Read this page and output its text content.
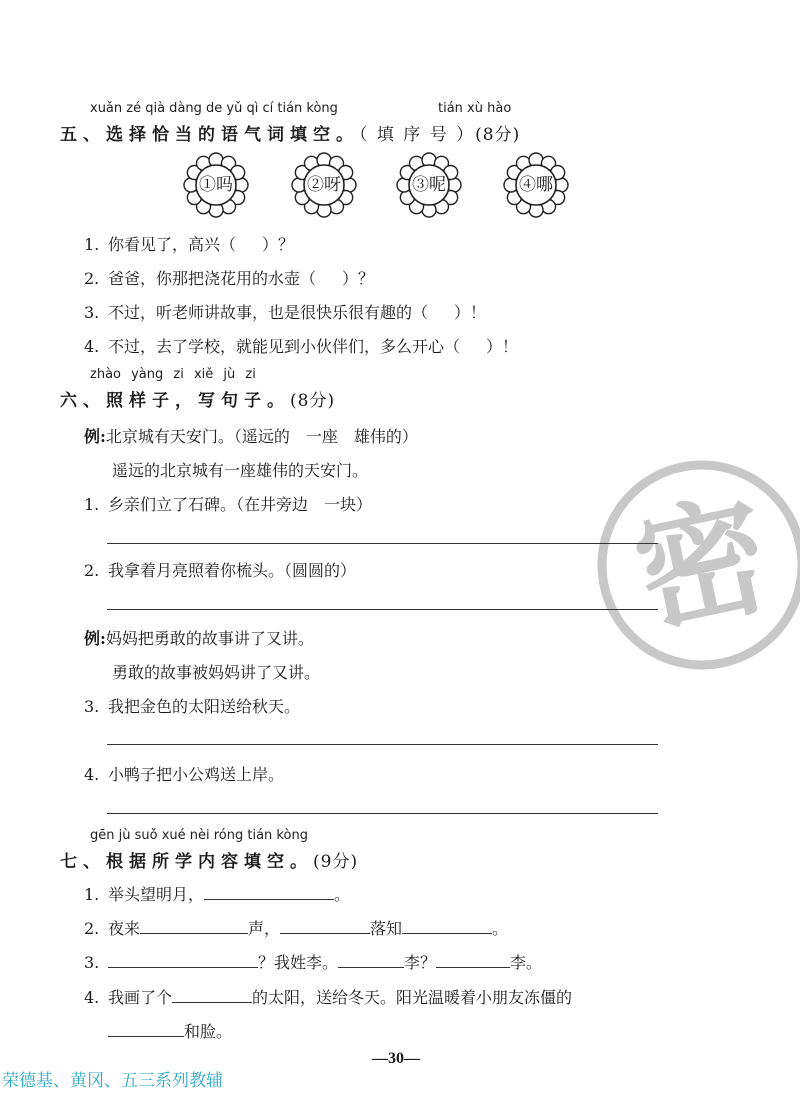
xuǎn zé qià dàng de yǔ qì cí tián kòng	tián xù hào
五、选择恰当的语气词填空。（ 填 序 号 ）(8分)
①吗	②呀	③呢	④哪
1. 你看见了，高兴（ ）？
2. 爸爸，你那把浇花用的水壶（ ）？
3. 不过，听老师讲故事，也是很快乐很有趣的（ ）！
4. 不过，去了学校，就能见到小伙伴们，多么开心（ ）！
密
zhào yàng zi xiě jù zi
六、照样子，写句子。(8分)
例:北京城有天安门。（遥远的　一座　雄伟的）
遥远的北京城有一座雄伟的天安门。
1. 乡亲们立了石碑。（在井旁边　一块）
2. 我拿着月亮照着你梳头。（圆圆的）
例:妈妈把勇敢的故事讲了又讲。
勇敢的故事被妈妈讲了又讲。
3. 我把金色的太阳送给秋天。
4. 小鸭子把小公鸡送上岸。
gēn jù suǒ xué nèi róng tián kòng
七、根据所学内容填空。(9分)
1. 举头望明月，	。
2. 夜来	声，	落知	。
3.	？我姓李。	李？	李。
4. 我画了个	的太阳，送给冬天。阳光温暖着小朋友冻僵的
和脸。
—30—
荣德基、黄冈、五三系列教辅
